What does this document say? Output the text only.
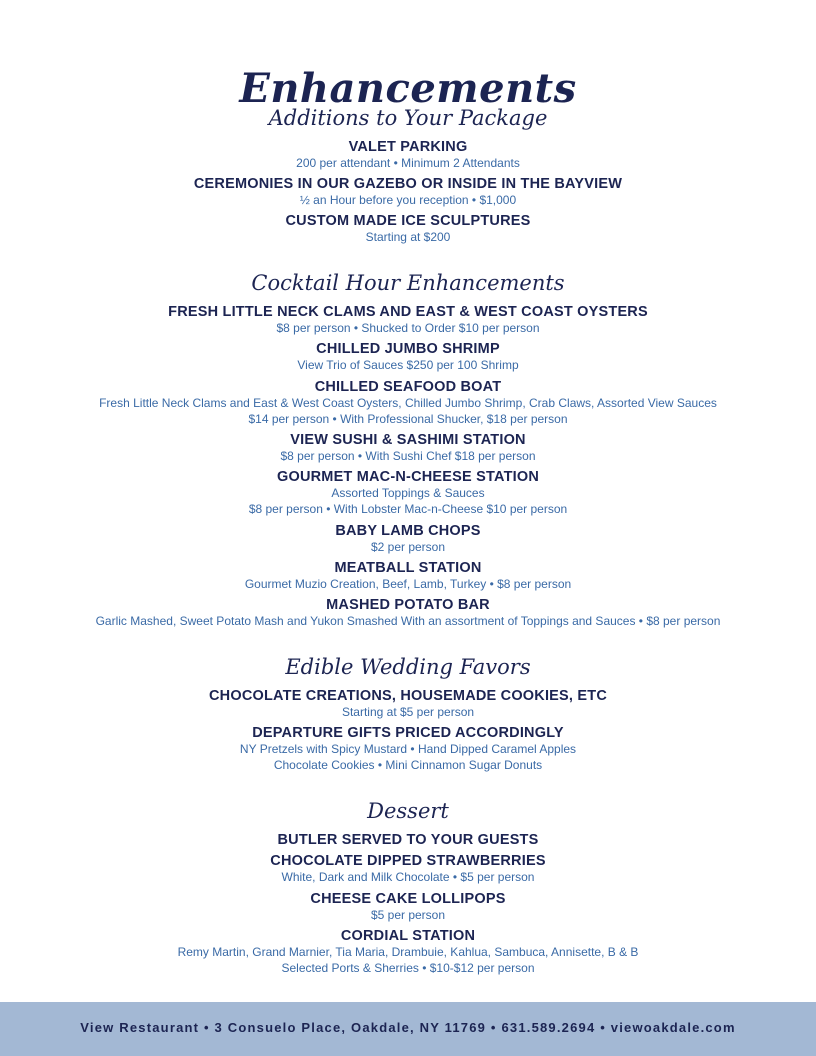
Enhancements
Additions to Your Package
VALET PARKING
200 per attendant • Minimum 2 Attendants
CEREMONIES IN OUR GAZEBO OR INSIDE IN THE BAYVIEW
½ an Hour before you reception • $1,000
CUSTOM MADE ICE SCULPTURES
Starting at $200
Cocktail Hour Enhancements
FRESH LITTLE NECK CLAMS AND EAST & WEST COAST OYSTERS
$8 per person • Shucked to Order $10 per person
CHILLED JUMBO SHRIMP
View Trio of Sauces $250 per 100 Shrimp
CHILLED SEAFOOD BOAT
Fresh Little Neck Clams and East & West Coast Oysters, Chilled Jumbo Shrimp, Crab Claws, Assorted View Sauces
$14 per person • With Professional Shucker, $18 per person
VIEW SUSHI & SASHIMI STATION
$8 per person • With Sushi Chef $18 per person
GOURMET MAC-N-CHEESE STATION
Assorted Toppings & Sauces
$8 per person • With Lobster Mac-n-Cheese $10 per person
BABY LAMB CHOPS
$2 per person
MEATBALL STATION
Gourmet Muzio Creation, Beef, Lamb, Turkey • $8 per person
MASHED POTATO BAR
Garlic Mashed, Sweet Potato Mash and Yukon Smashed With an assortment of Toppings and Sauces • $8 per person
Edible Wedding Favors
CHOCOLATE CREATIONS, HOUSEMADE COOKIES, ETC
Starting at $5 per person
DEPARTURE GIFTS PRICED ACCORDINGLY
NY Pretzels with Spicy Mustard • Hand Dipped Caramel Apples
Chocolate Cookies • Mini Cinnamon Sugar Donuts
Dessert
BUTLER SERVED TO YOUR GUESTS
CHOCOLATE DIPPED STRAWBERRIES
White, Dark and Milk Chocolate • $5 per person
CHEESE CAKE LOLLIPOPS
$5 per person
CORDIAL STATION
Remy Martin, Grand Marnier, Tia Maria, Drambuie, Kahlua, Sambuca, Annisette, B & B
Selected Ports & Sherries • $10-$12 per person
View Restaurant • 3 Consuelo Place, Oakdale, NY 11769 • 631.589.2694 • viewoakdale.com
